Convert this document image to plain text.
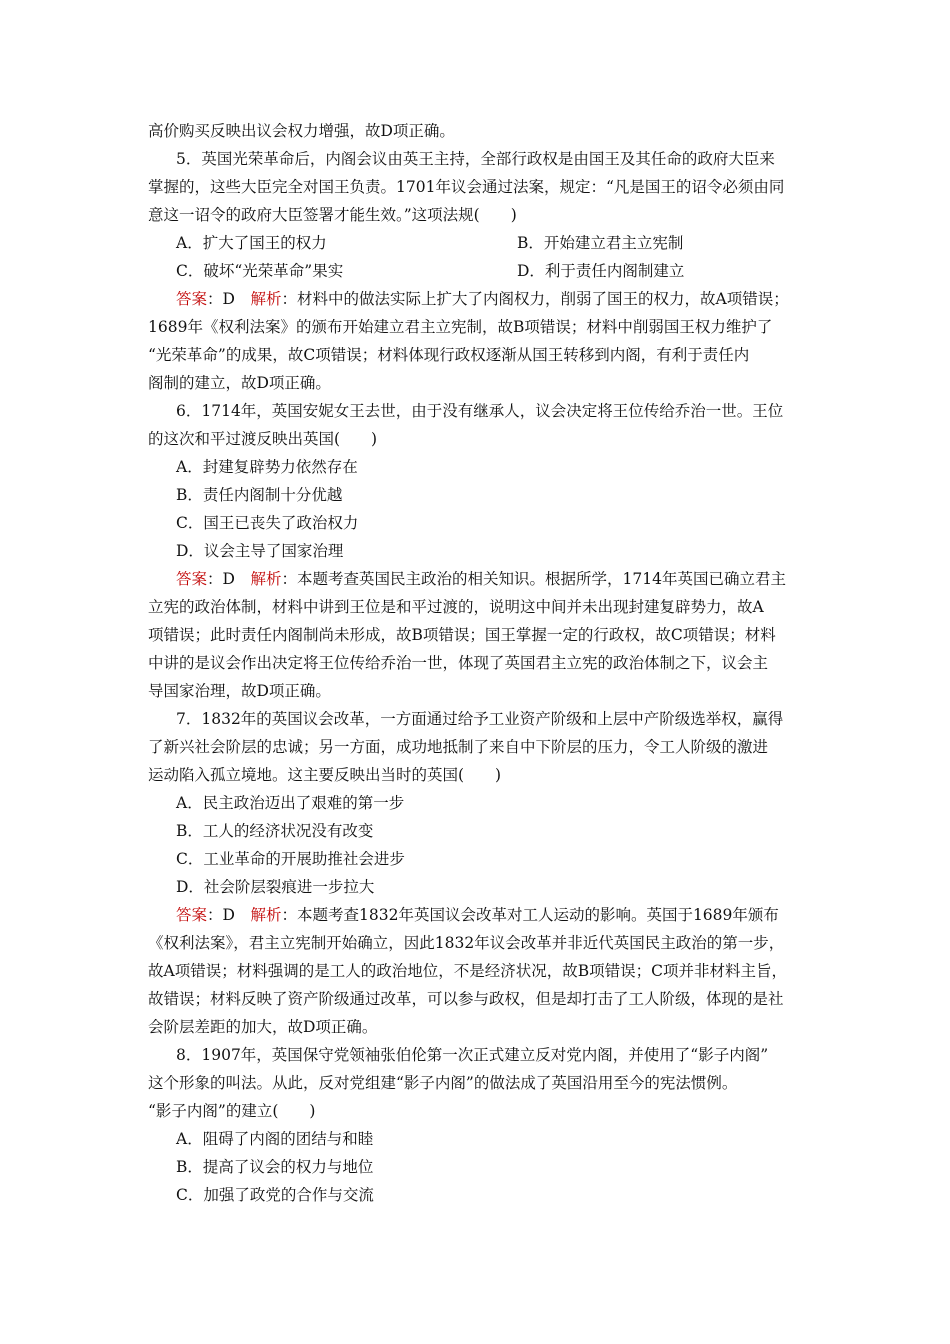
高价购买反映出议会权力增强，故D项正确。
5．英国光荣革命后，内阁会议由英王主持，全部行政权是由国王及其任命的政府大臣来
掌握的，这些大臣完全对国王负责。1701年议会通过法案，规定：“凡是国王的诏令必须由同
意这一诏令的政府大臣签署才能生效。”这项法规(　　)
A．扩大了国王的权力	B．开始建立君主立宪制
C．破坏“光荣革命”果实	D．利于责任内阁制建立
答案：D　 解析：材料中的做法实际上扩大了内阁权力，削弱了国王的权力，故A项错误；
1689年《权利法案》的颁布开始建立君主立宪制，故B项错误；材料中削弱国王权力维护了
“光荣革命”的成果，故C项错误；材料体现行政权逐渐从国王转移到内阁，有利于责任内
阁制的建立，故D项正确。
6．1714年，英国安妮女王去世，由于没有继承人，议会决定将王位传给乔治一世。王位
的这次和平过渡反映出英国(　　)
A．封建复辟势力依然存在
B．责任内阁制十分优越
C．国王已丧失了政治权力
D．议会主导了国家治理
答案：D　 解析：本题考查英国民主政治的相关知识。根据所学，1714年英国已确立君主
立宪的政治体制，材料中讲到王位是和平过渡的，说明这中间并未出现封建复辟势力，故A
项错误；此时责任内阁制尚未形成，故B项错误；国王掌握一定的行政权，故C项错误；材料
中讲的是议会作出决定将王位传给乔治一世，体现了英国君主立宪的政治体制之下，议会主
导国家治理，故D项正确。
7．1832年的英国议会改革，一方面通过给予工业资产阶级和上层中产阶级选举权，赢得
了新兴社会阶层的忠诚；另一方面，成功地抵制了来自中下阶层的压力，令工人阶级的激进
运动陷入孤立境地。这主要反映出当时的英国(　　)
A．民主政治迈出了艰难的第一步
B．工人的经济状况没有改变
C．工业革命的开展助推社会进步
D．社会阶层裂痕进一步拉大
答案：D　 解析：本题考查1832年英国议会改革对工人运动的影响。英国于1689年颁布
《权利法案》，君主立宪制开始确立，因此1832年议会改革并非近代英国民主政治的第一步，
故A项错误；材料强调的是工人的政治地位，不是经济状况，故B项错误；C项并非材料主旨，
故错误；材料反映了资产阶级通过改革，可以参与政权，但是却打击了工人阶级，体现的是社
会阶层差距的加大，故D项正确。
8．1907年，英国保守党领袖张伯伦第一次正式建立反对党内阁，并使用了“影子内阁”
这个形象的叫法。从此，反对党组建“影子内阁”的做法成了英国沿用至今的宪法惯例。
“影子内阁”的建立(　　)
A．阻碍了内阁的团结与和睦
B．提高了议会的权力与地位
C．加强了政党的合作与交流
